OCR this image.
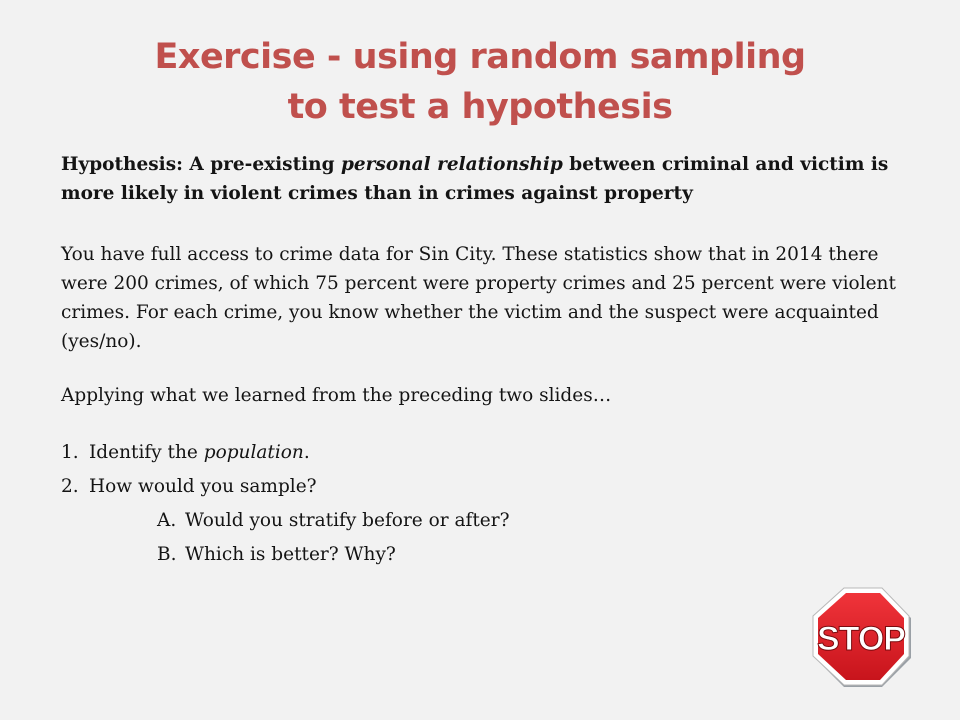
Exercise - using random sampling
to test a hypothesis

Hypothesis: A pre-existing personal relationship between criminal and victim is more likely in violent crimes than in crimes against property

You have full access to crime data for Sin City. These statistics show that in 2014 there were 200 crimes, of which 75 percent were property crimes and 25 percent were violent crimes. For each crime, you know whether the victim and the suspect were acquainted (yes/no).

Applying what we learned from the preceding two slides…

1. Identify the population.
2. How would you sample?
A. Would you stratify before or after?
B. Which is better? Why?
STOP
